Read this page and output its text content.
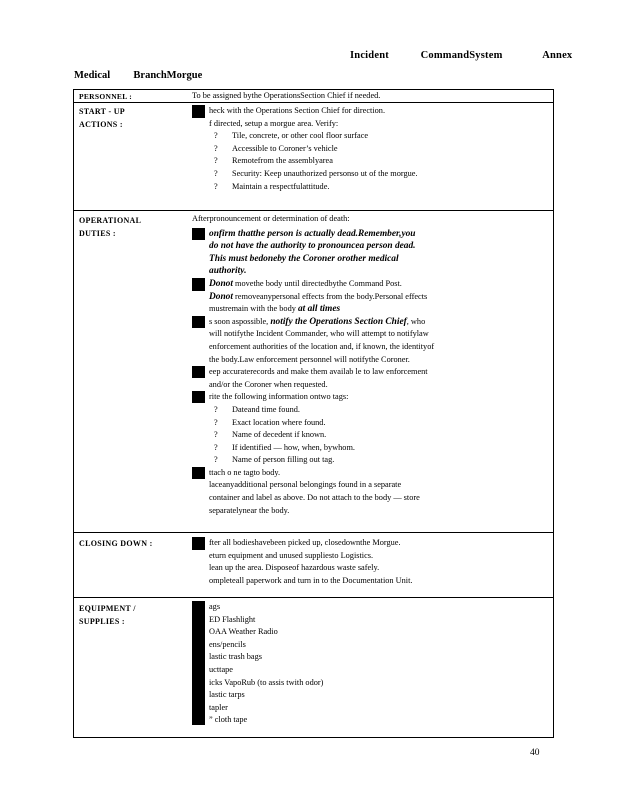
Incident	CommandSystem	Annex
Medical BranchMorgue
PERSONNEL :	To be assigned bythe OperationsSection Chief if needed.
START - UP
ACTIONS :
heck with the Operations Section Chief for direction.
f directed, setup a morgue area. Verify:
? Tile, concrete, or other cool floor surface
? Accessible to Coroner’s vehicle
? Remotefrom the assemblyarea
? Security: Keep unauthorized personso ut of the morgue.
? Maintain a respectfulattitude.
OPERATIONAL
DUTIES :
Afterpronouncement or determination of death:
onfirm thatthe person is actually dead.Remember,you
do not have the authority to pronouncea person dead.
This must bedoneby the Coroner orother medical
authority.
Donot movethe body until directedbythe Command Post.
Donot removeanypersonal effects from the body.Personal effects
mustremain with the body at all times
s soon aspossible, notify the Operations Section Chief, who
will notifythe Incident Commander, who will attempt to notifylaw
enforcement authorities of the location and, if known, the identityof
the body.Law enforcement personnel will notifythe Coroner.
eep accuraterecords and make them availab le to law enforcement
and/or the Coroner when requested.
rite the following information ontwo tags:
? Dateand time found.
? Exact location where found.
? Name of decedent if known.
? If identified — how, when, bywhom.
? Name of person filling out tag.
ttach o ne tagto body.
laceanyadditional personal belongings found in a separate
container and label as above. Do not attach to the body — store
separatelynear the body.
CLOSING DOWN :	fter all bodieshavebeen picked up, closedownthe Morgue.
eturn equipment and unused suppliesto Logistics.
lean up the area. Disposeof hazardous waste safely.
ompleteall paperwork and turn in to the Documentation Unit.
EQUIPMENT /
SUPPLIES :
ags
ED Flashlight
OAA Weather Radio
ens/pencils
lastic trash bags
ucttape
icks VapoRub (to assis twith odor)
lastic tarps
tapler
” cloth tape
40
